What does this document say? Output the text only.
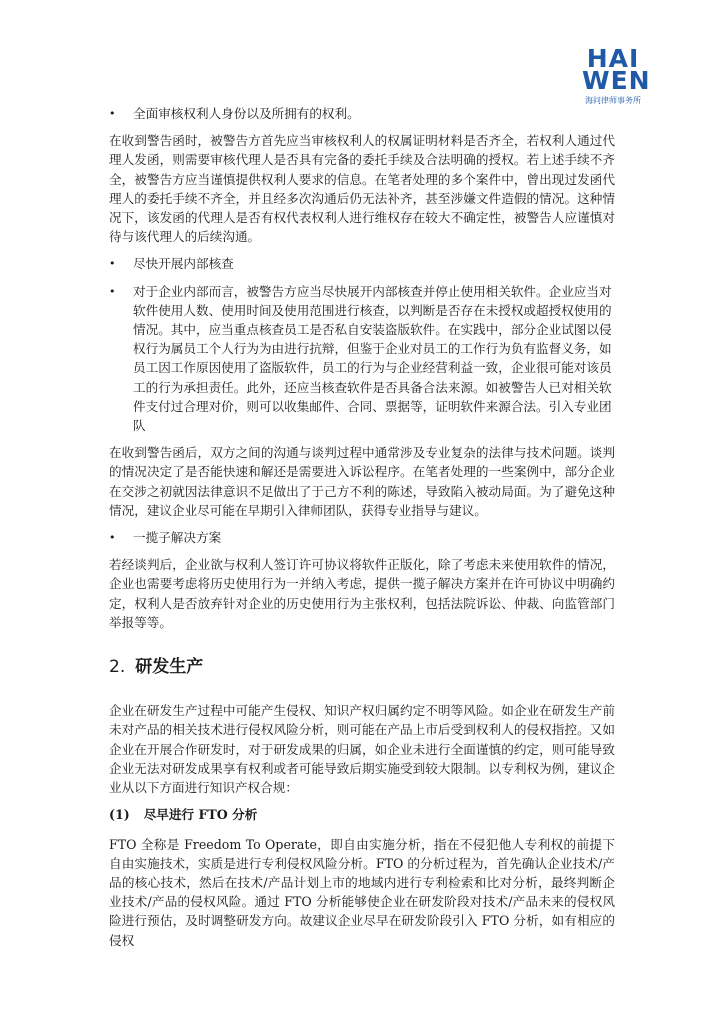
HAI
WEN
海问律师事务所
• 全面审核权利人身份以及所拥有的权利。

在收到警告函时，被警告方首先应当审核权利人的权属证明材料是否齐全，若权利人通过代理人发函，则需要审核代理人是否具有完备的委托手续及合法明确的授权。若上述手续不齐全，被警告方应当谨慎提供权利人要求的信息。在笔者处理的多个案件中，曾出现过发函代理人的委托手续不齐全，并且经多次沟通后仍无法补齐，甚至涉嫌文件造假的情况。这种情况下，该发函的代理人是否有权代表权利人进行维权存在较大不确定性，被警告人应谨慎对待与该代理人的后续沟通。

• 尽快开展内部核查
• 对于企业内部而言，被警告方应当尽快展开内部核查并停止使用相关软件。企业应当对软件使用人数、使用时间及使用范围进行核查，以判断是否存在未授权或超授权使用的情况。其中，应当重点核查员工是否私自安装盗版软件。在实践中，部分企业试图以侵权行为属员工个人行为为由进行抗辩，但鉴于企业对员工的工作行为负有监督义务，如员工因工作原因使用了盗版软件，员工的行为与企业经营利益一致，企业很可能对该员工的行为承担责任。此外，还应当核查软件是否具备合法来源。如被警告人已对相关软件支付过合理对价，则可以收集邮件、合同、票据等，证明软件来源合法。引入专业团队

在收到警告函后，双方之间的沟通与谈判过程中通常涉及专业复杂的法律与技术问题。谈判的情况决定了是否能快速和解还是需要进入诉讼程序。在笔者处理的一些案例中，部分企业在交涉之初就因法律意识不足做出了于己方不利的陈述，导致陷入被动局面。为了避免这种情况，建议企业尽可能在早期引入律师团队，获得专业指导与建议。

• 一揽子解决方案

若经谈判后，企业欲与权利人签订许可协议将软件正版化，除了考虑未来使用软件的情况，企业也需要考虑将历史使用行为一并纳入考虑，提供一揽子解决方案并在许可协议中明确约定，权利人是否放弃针对企业的历史使用行为主张权利，包括法院诉讼、仲裁、向监管部门举报等等。

2. 研发生产

企业在研发生产过程中可能产生侵权、知识产权归属约定不明等风险。如企业在研发生产前未对产品的相关技术进行侵权风险分析，则可能在产品上市后受到权利人的侵权指控。又如企业在开展合作研发时，对于研发成果的归属，如企业未进行全面谨慎的约定，则可能导致企业无法对研发成果享有权利或者可能导致后期实施受到较大限制。以专利权为例，建议企业从以下方面进行知识产权合规：

(1) 尽早进行 FTO 分析

FTO 全称是 Freedom To Operate，即自由实施分析，指在不侵犯他人专利权的前提下自由实施技术，实质是进行专利侵权风险分析。FTO 的分析过程为，首先确认企业技术/产品的核心技术，然后在技术/产品计划上市的地域内进行专利检索和比对分析，最终判断企业技术/产品的侵权风险。通过 FTO 分析能够使企业在研发阶段对技术/产品未来的侵权风险进行预估，及时调整研发方向。故建议企业尽早在研发阶段引入 FTO 分析，如有相应的侵权
